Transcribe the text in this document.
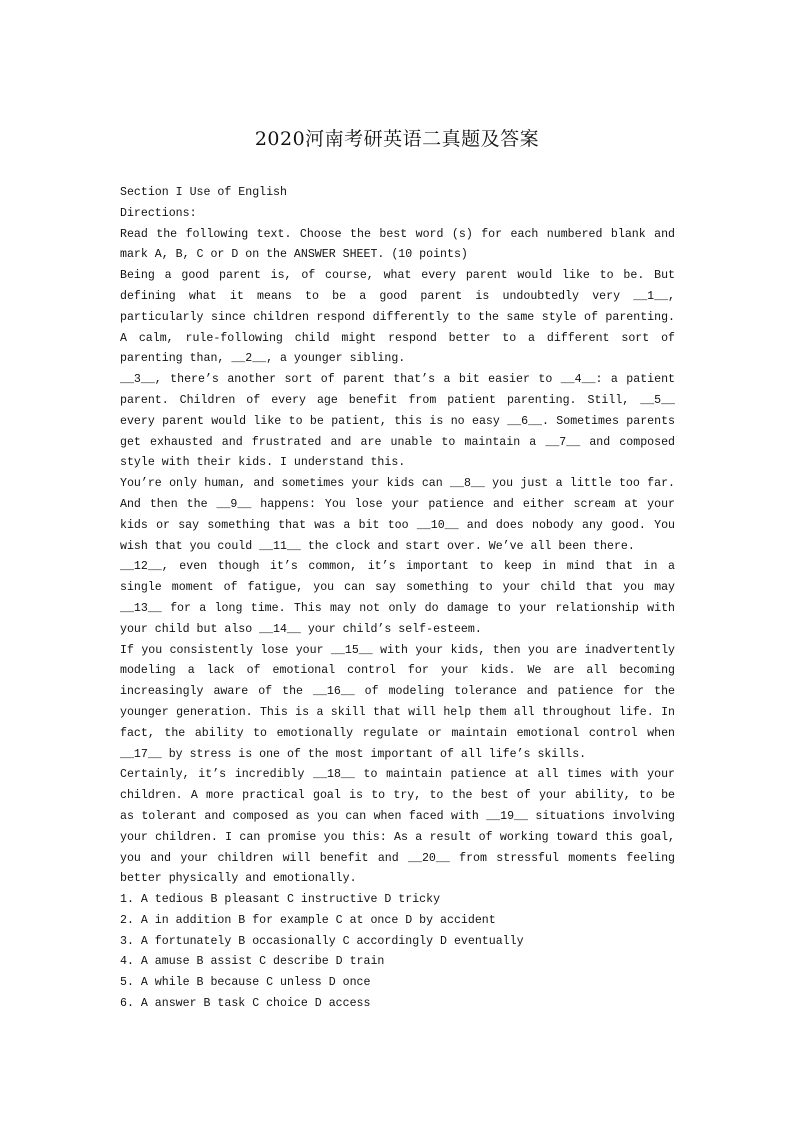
2020河南考研英语二真题及答案

Section I Use of English

Directions:

Read the following text. Choose the best word (s) for each numbered blank and mark A, B, C or D on the ANSWER SHEET. (10 points)

Being a good parent is, of course, what every parent would like to be. But defining what it means to be a good parent is undoubtedly very __1__, particularly since children respond differently to the same style of parenting. A calm, rule-following child might respond better to a different sort of parenting than, __2__, a younger sibling.

__3__, there’s another sort of parent that’s a bit easier to __4__: a patient parent. Children of every age benefit from patient parenting. Still, __5__ every parent would like to be patient, this is no easy __6__. Sometimes parents get exhausted and frustrated and are unable to maintain a __7__ and composed style with their kids. I understand this.

You’re only human, and sometimes your kids can __8__ you just a little too far. And then the __9__ happens: You lose your patience and either scream at your kids or say something that was a bit too __10__ and does nobody any good. You wish that you could __11__ the clock and start over. We’ve all been there.

__12__, even though it’s common, it’s important to keep in mind that in a single moment of fatigue, you can say something to your child that you may __13__ for a long time. This may not only do damage to your relationship with your child but also __14__ your child’s self-esteem.

If you consistently lose your __15__ with your kids, then you are inadvertently modeling a lack of emotional control for your kids. We are all becoming increasingly aware of the __16__ of modeling tolerance and patience for the younger generation. This is a skill that will help them all throughout life. In fact, the ability to emotionally regulate or maintain emotional control when __17__ by stress is one of the most important of all life’s skills.

Certainly, it’s incredibly __18__ to maintain patience at all times with your children. A more practical goal is to try, to the best of your ability, to be as tolerant and composed as you can when faced with __19__ situations involving your children. I can promise you this: As a result of working toward this goal, you and your children will benefit and __20__ from stressful moments feeling better physically and emotionally.

1. A tedious B pleasant C instructive D tricky

2. A in addition B for example C at once D by accident

3. A fortunately B occasionally C accordingly D eventually

4. A amuse B assist C describe D train

5. A while B because C unless D once

6. A answer B task C choice D access
